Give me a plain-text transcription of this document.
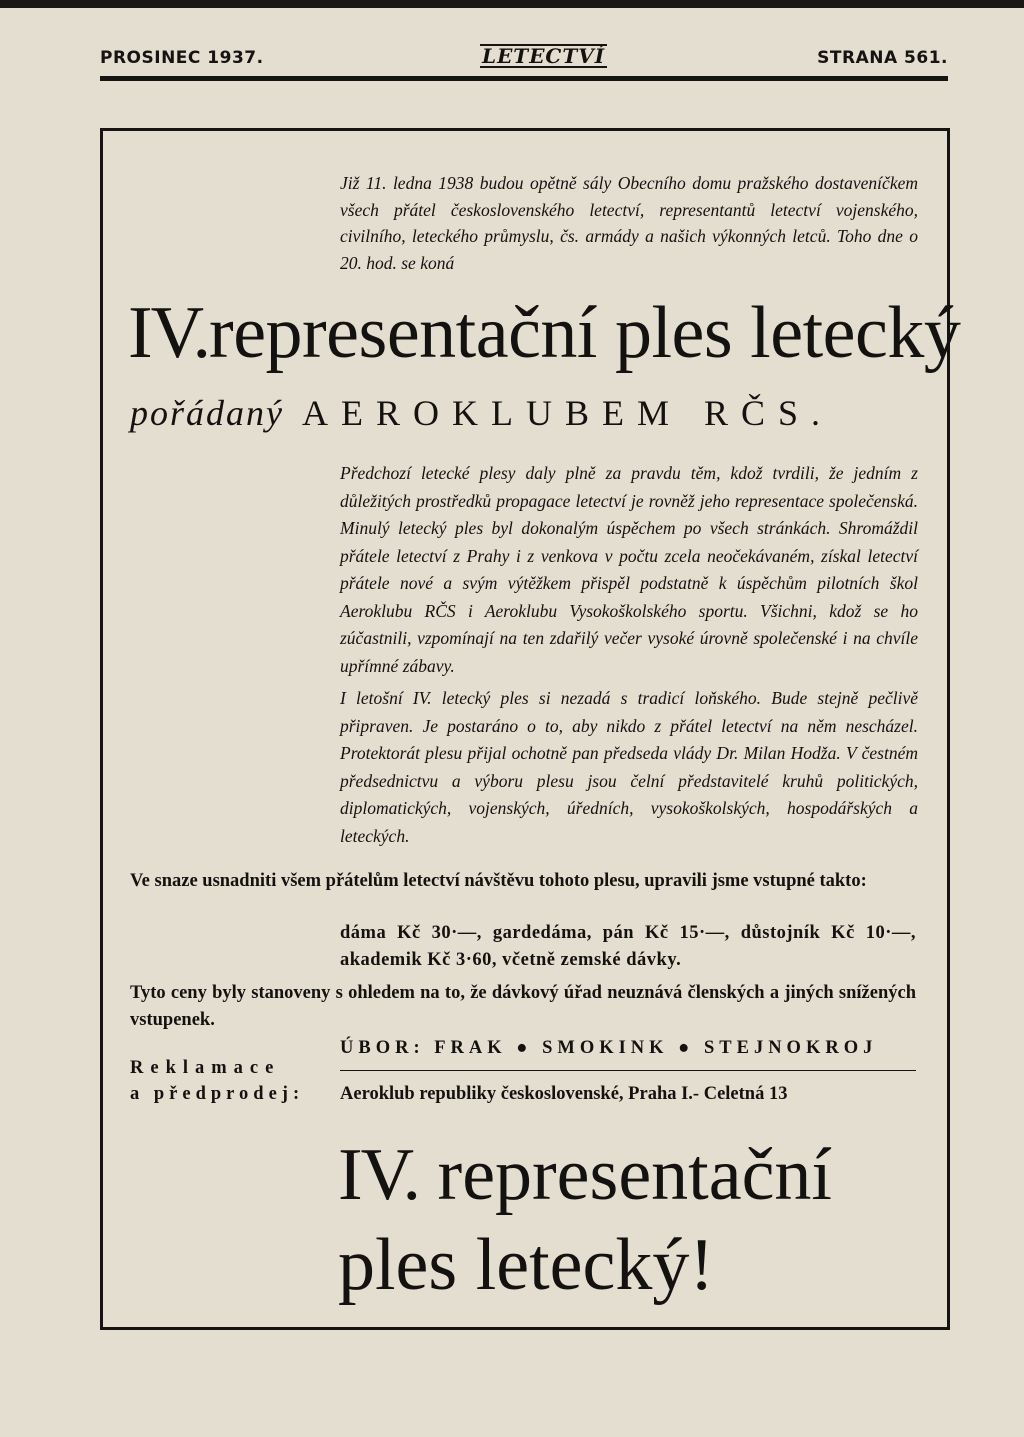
PROSINEC 1937.	LETECTVÍ	STRANA 561.
Již 11. ledna 1938 budou opětně sály Obecního domu pražského dostaveníčkem všech přátel československého letectví, representantů letectví vojenského, civilního, leteckého průmyslu, čs. armády a našich výkonných letců. Toho dne o 20. hod. se koná
IV.representační ples letecký
pořádaný AEROKLUBEM RČS.

Předchozí letecké plesy daly plně za pravdu těm, kdož tvrdili, že jedním z důležitých prostředků propagace letectví je rovněž jeho representace společenská. Minulý letecký ples byl dokonalým úspěchem po všech stránkách. Shromáždil přátele letectví z Prahy i z venkova v počtu zcela neočekávaném, získal letectví přátele nové a svým výtěžkem přispěl podstatně k úspěchům pilotních škol Aeroklubu RČS i Aeroklubu Vysokoškolského sportu. Všichni, kdož se ho zúčastnili, vzpomínají na ten zdařilý večer vysoké úrovně společenské i na chvíle upřímné zábavy.

I letošní IV. letecký ples si nezadá s tradicí loňského. Bude stejně pečlivě připraven. Je postaráno o to, aby nikdo z přátel letectví na něm nescházel. Protektorát plesu přijal ochotně pan předseda vlády Dr. Milan Hodža. V čestném předsednictvu a výboru plesu jsou čelní představitelé kruhů politických, diplomatických, vojenských, úředních, vysokoškolských, hospodářských a leteckých.

Ve snaze usnadniti všem přátelům letectví návštěvu tohoto plesu, upravili jsme vstupné takto:
dáma Kč 30·—, gardedáma, pán Kč 15·—, důstojník Kč 10·—, akademik Kč 3·60, včetně zemské dávky.
Tyto ceny byly stanoveny s ohledem na to, že dávkový úřad neuznává členských a jiných snížených vstupenek.
ÚBOR: FRAK ● SMOKINK ● STEJNOKROJ
Reklamace
a předprodej: Aeroklub republiky československé, Praha I.- Celetná 13
IV. representační ples letecký!
